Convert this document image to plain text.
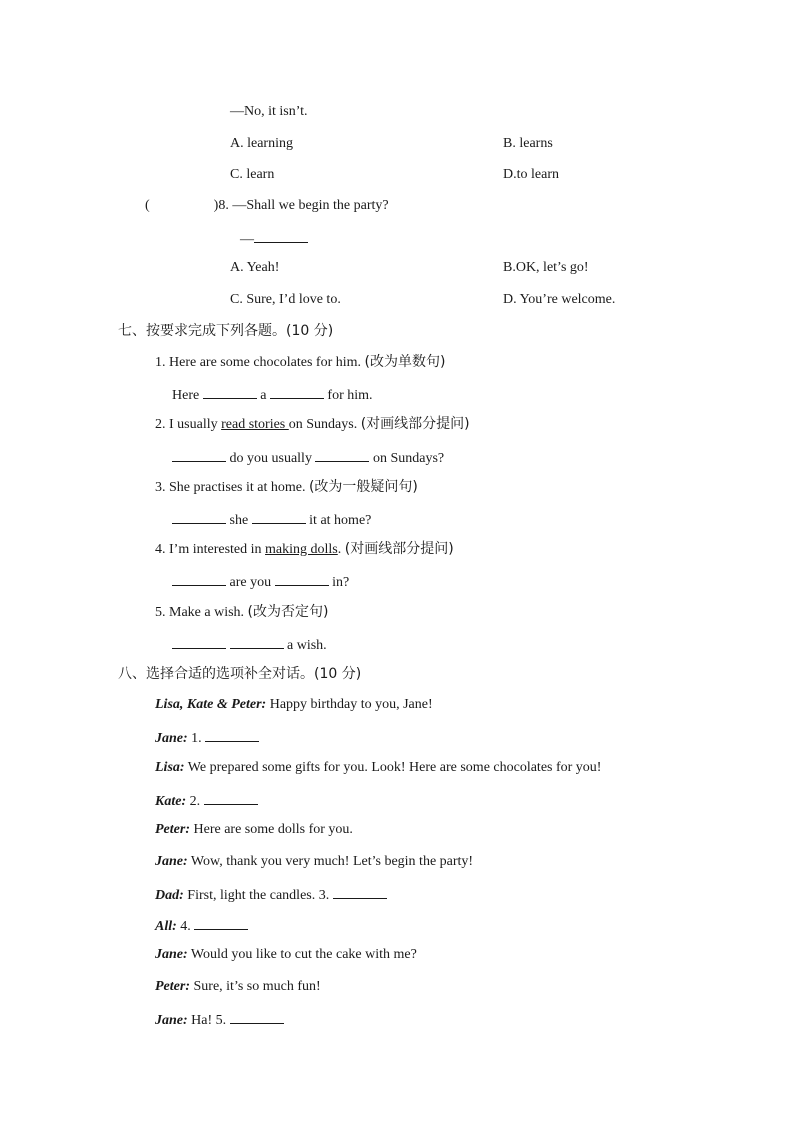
—No, it isn’t.
A. learning	B. learns
C. learn	D.to learn
(	)8. —Shall we begin the party?
—
A. Yeah!	B.OK, let’s go!
C. Sure, I’d love to.	D. You’re welcome.
七、按要求完成下列各题。(10 分)
1. Here are some chocolates for him. (改为单数句)
Here	a	for him.
2. I usually read stories on Sundays. (对画线部分提问)
do you usually	on Sundays?
3. She practises it at home. (改为一般疑问句)
she	it at home?
4. I’m interested in making dolls. (对画线部分提问)
are you	in?
5. Make a wish. (改为否定句)
a wish.
八、选择合适的选项补全对话。(10 分)
Lisa, Kate & Peter: Happy birthday to you, Jane!
Jane: 1.
Lisa: We prepared some gifts for you. Look! Here are some chocolates for you!
Kate: 2.
Peter: Here are some dolls for you.
Jane: Wow, thank you very much! Let’s begin the party!
Dad: First, light the candles. 3.
All: 4.
Jane: Would you like to cut the cake with me?
Peter: Sure, it’s so much fun!
Jane: Ha! 5.
